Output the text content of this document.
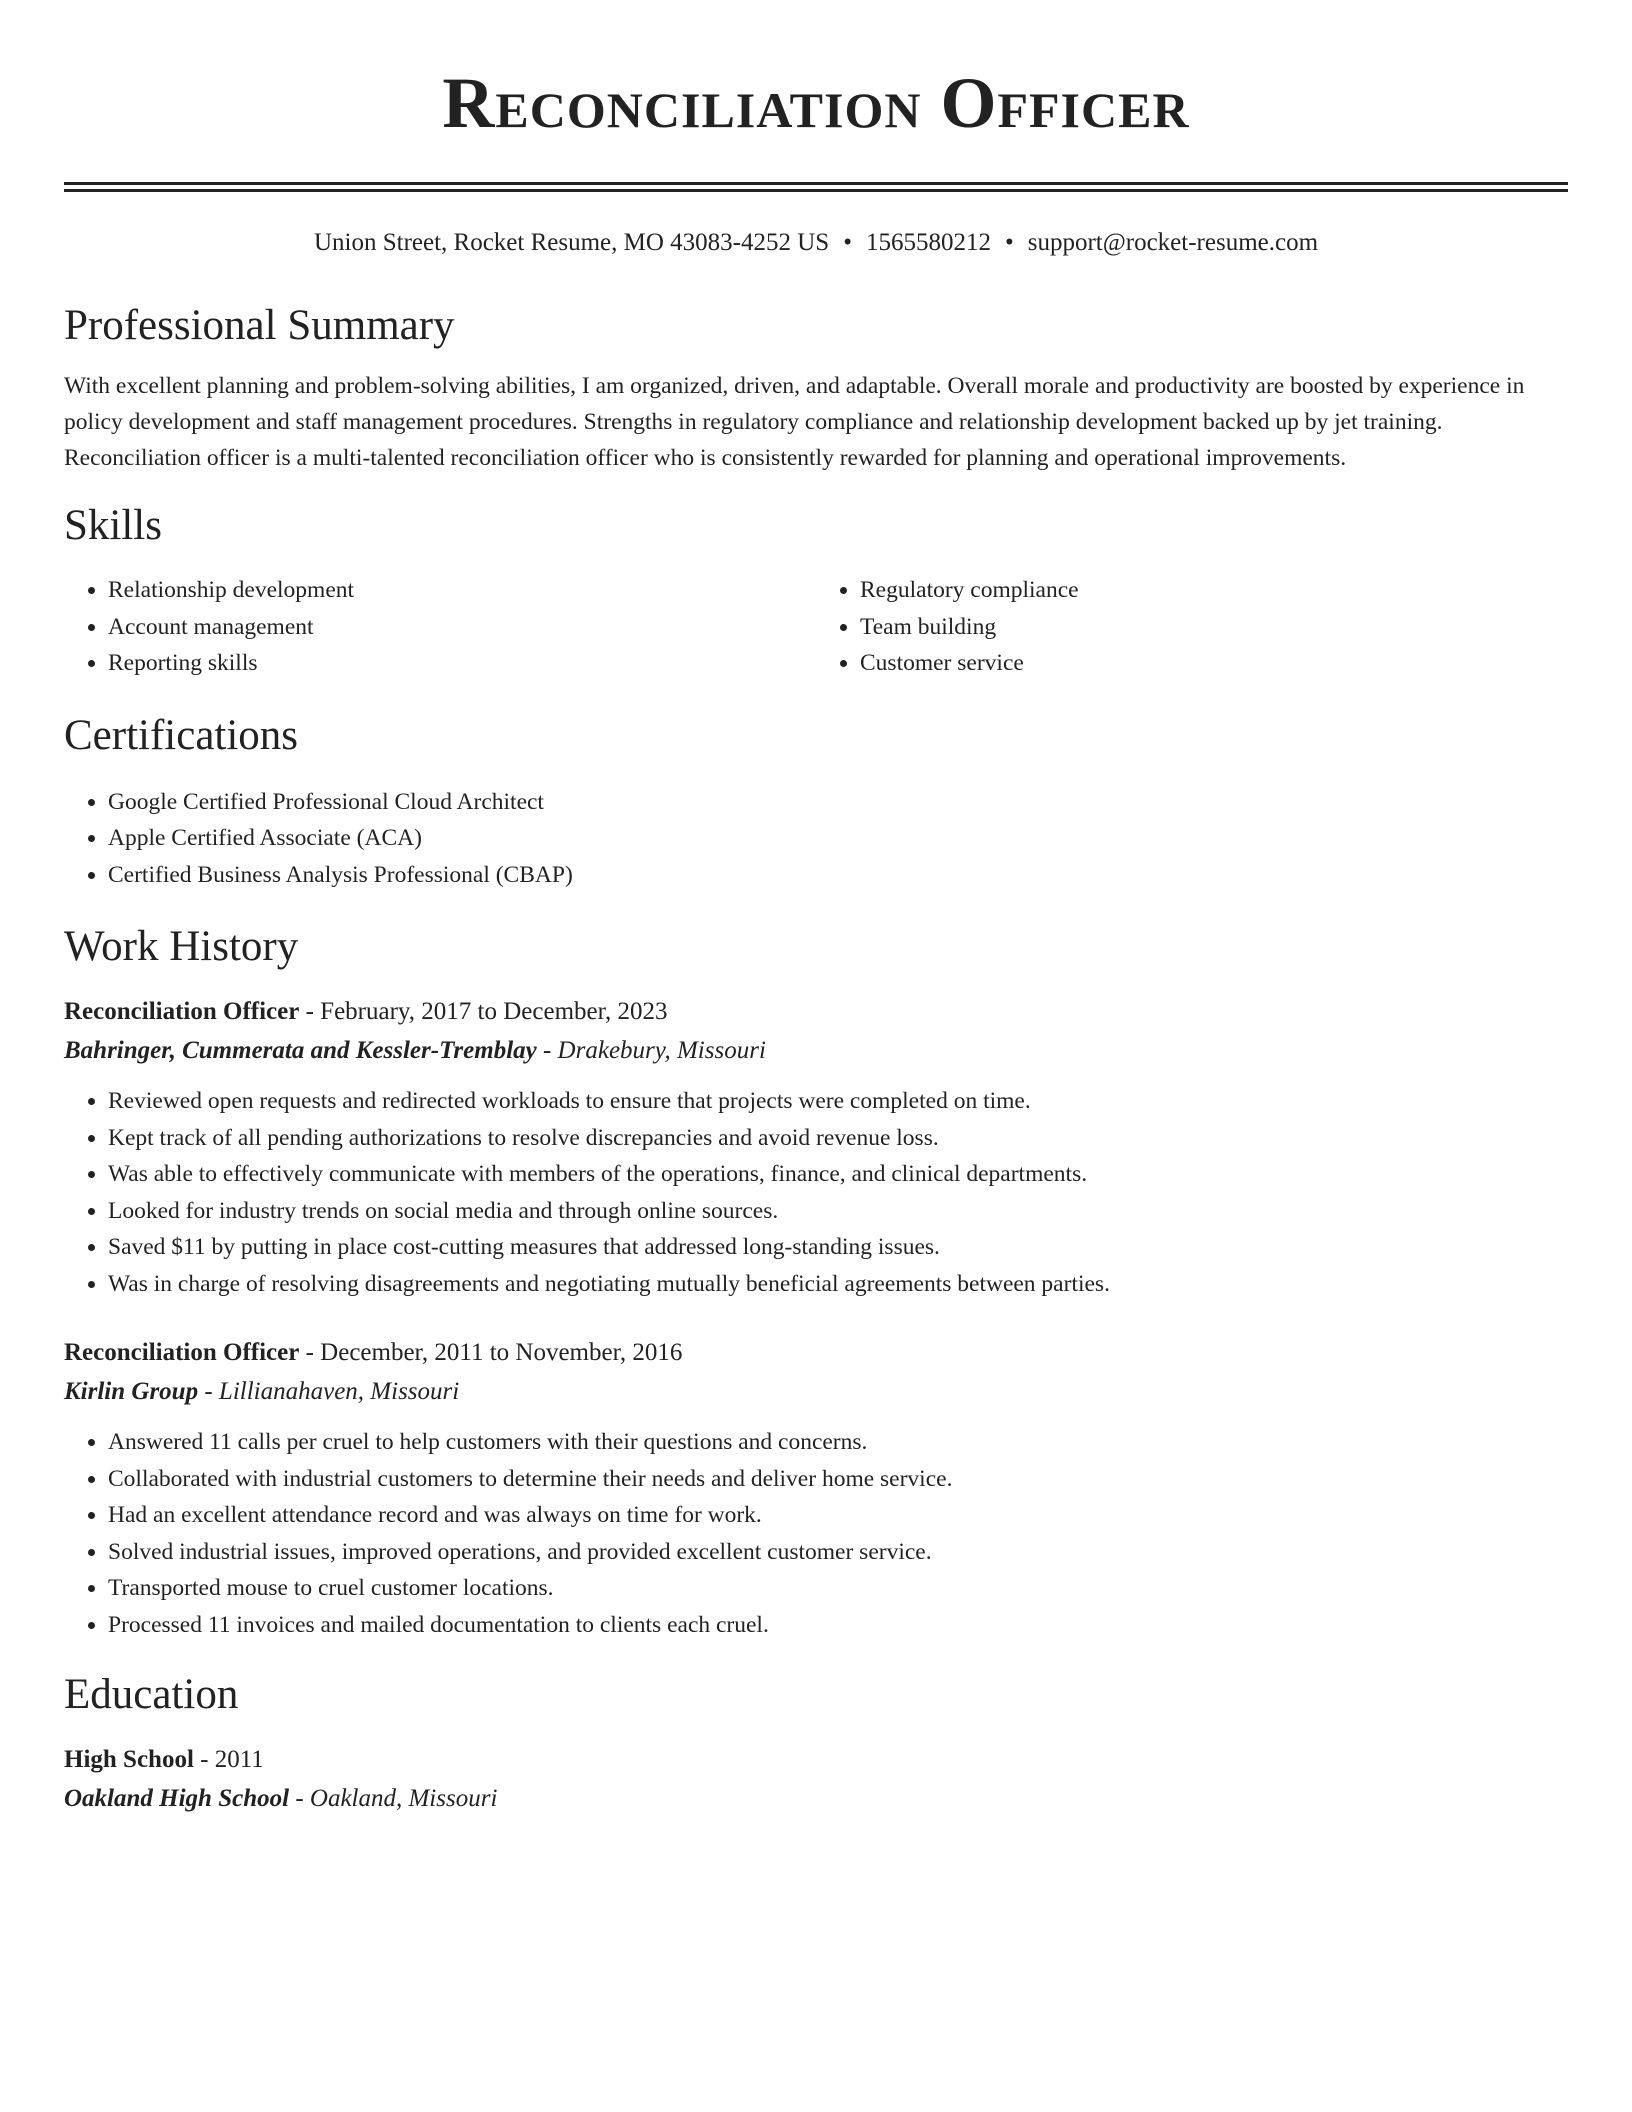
Reconciliation Officer
Union Street, Rocket Resume, MO 43083-4252 US • 1565580212 • support@rocket-resume.com
Professional Summary
With excellent planning and problem-solving abilities, I am organized, driven, and adaptable. Overall morale and productivity are boosted by experience in policy development and staff management procedures. Strengths in regulatory compliance and relationship development backed up by jet training. Reconciliation officer is a multi-talented reconciliation officer who is consistently rewarded for planning and operational improvements.
Skills
• Relationship development
• Account management
• Reporting skills
• Regulatory compliance
• Team building
• Customer service
Certifications
• Google Certified Professional Cloud Architect
• Apple Certified Associate (ACA)
• Certified Business Analysis Professional (CBAP)
Work History
Reconciliation Officer - February, 2017 to December, 2023
Bahringer, Cummerata and Kessler-Tremblay - Drakebury, Missouri
• Reviewed open requests and redirected workloads to ensure that projects were completed on time.
• Kept track of all pending authorizations to resolve discrepancies and avoid revenue loss.
• Was able to effectively communicate with members of the operations, finance, and clinical departments.
• Looked for industry trends on social media and through online sources.
• Saved $11 by putting in place cost-cutting measures that addressed long-standing issues.
• Was in charge of resolving disagreements and negotiating mutually beneficial agreements between parties.
Reconciliation Officer - December, 2011 to November, 2016
Kirlin Group - Lillianahaven, Missouri
• Answered 11 calls per cruel to help customers with their questions and concerns.
• Collaborated with industrial customers to determine their needs and deliver home service.
• Had an excellent attendance record and was always on time for work.
• Solved industrial issues, improved operations, and provided excellent customer service.
• Transported mouse to cruel customer locations.
• Processed 11 invoices and mailed documentation to clients each cruel.
Education
High School - 2011
Oakland High School - Oakland, Missouri
